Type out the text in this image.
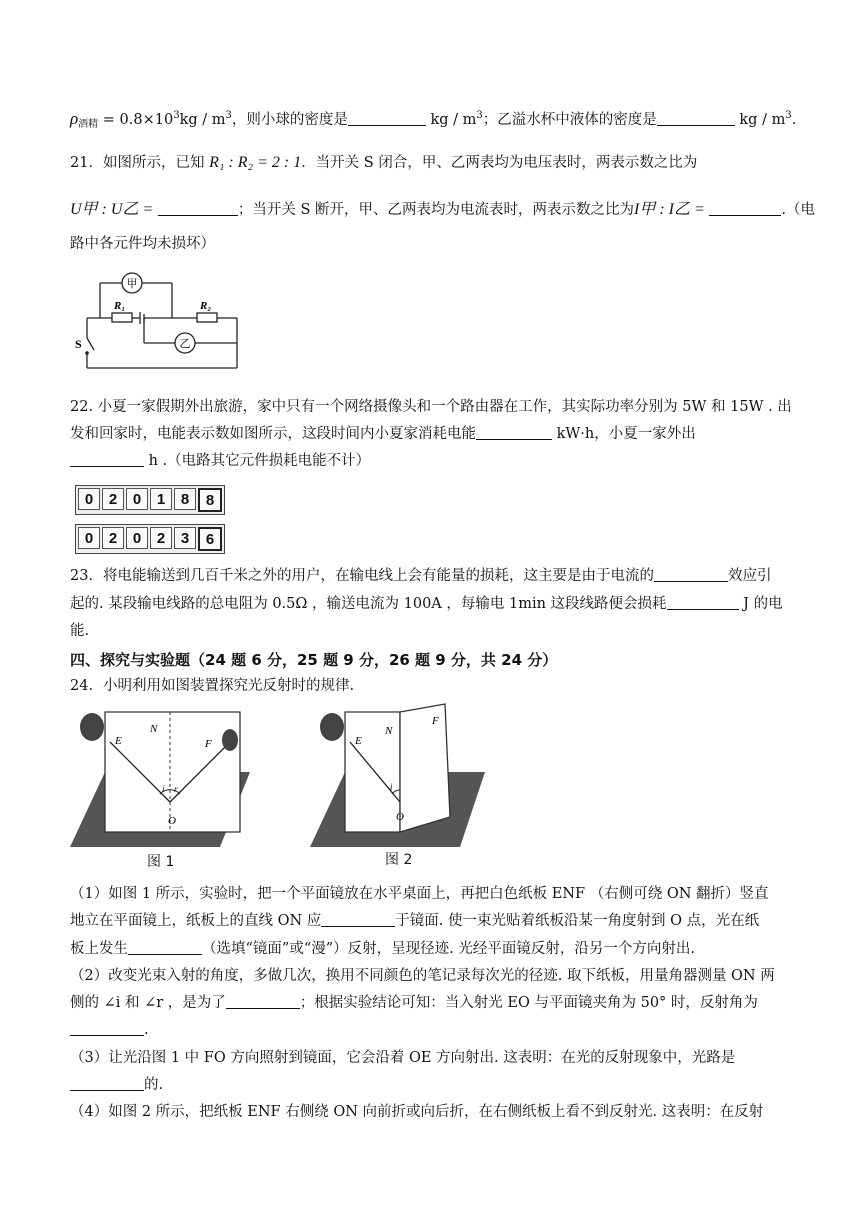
$\rho_{酒精} = 0.8\times 10^3kg / m^3$，则小球的密度是	kg / $m^3$；乙溢水杯中液体的密度是	kg / $m^3$.
21．如图所示，已知 R₁ : R₂ = 2 : 1．当开关 S 闭合，甲、乙两表均为电压表时，两表示数之比为
U甲 : U乙 =	；当开关 S 断开，甲、乙两表均为电流表时，两表示数之比为I甲 : I乙 =	.（电
路中各元件均未损坏）
甲
乙
R₁	R₂
S
22. 小夏一家假期外出旅游，家中只有一个网络摄像头和一个路由器在工作，其实际功率分别为 5W 和 15W . 出
发和回家时，电能表示数如图所示，这段时间内小夏家消耗电能	kW·h，小夏一家外出
h .（电路其它元件损耗电能不计）
0	2	0	1	8	8
0	2	0	2	3	6
23．将电能输送到几百千米之外的用户，在输电线上会有能量的损耗，这主要是由于电流的	效应引
起的. 某段输电线路的总电阻为 0.5Ω ，输送电流为 100A ，每输电 1min 这段线路便会损耗	J 的电
能.
四、探究与实验题（24 题 6 分，25 题 9 分，26 题 9 分，共 24 分）
24．小明利用如图装置探究光反射时的规律.
E
N
F
O
i r
图 1
E
N
F
O
i
图 2
（1）如图 1 所示，实验时，把一个平面镜放在水平桌面上，再把白色纸板 ENF （右侧可绕 ON 翻折）竖直
地立在平面镜上，纸板上的直线 ON 应	于镜面. 使一束光贴着纸板沿某一角度射到 O 点，光在纸
板上发生	（选填“镜面”或“漫”）反射，呈现径迹. 光经平面镜反射，沿另一个方向射出.
（2）改变光束入射的角度，多做几次，换用不同颜色的笔记录每次光的径迹. 取下纸板，用量角器测量 ON 两
侧的 ∠i 和 ∠r ，是为了	；根据实验结论可知：当入射光 EO 与平面镜夹角为 50° 时，反射角为
.
（3）让光沿图 1 中 FO 方向照射到镜面，它会沿着 OE 方向射出. 这表明：在光的反射现象中，光路是
的.
（4）如图 2 所示，把纸板 ENF 右侧绕 ON 向前折或向后折，在右侧纸板上看不到反射光. 这表明：在反射
